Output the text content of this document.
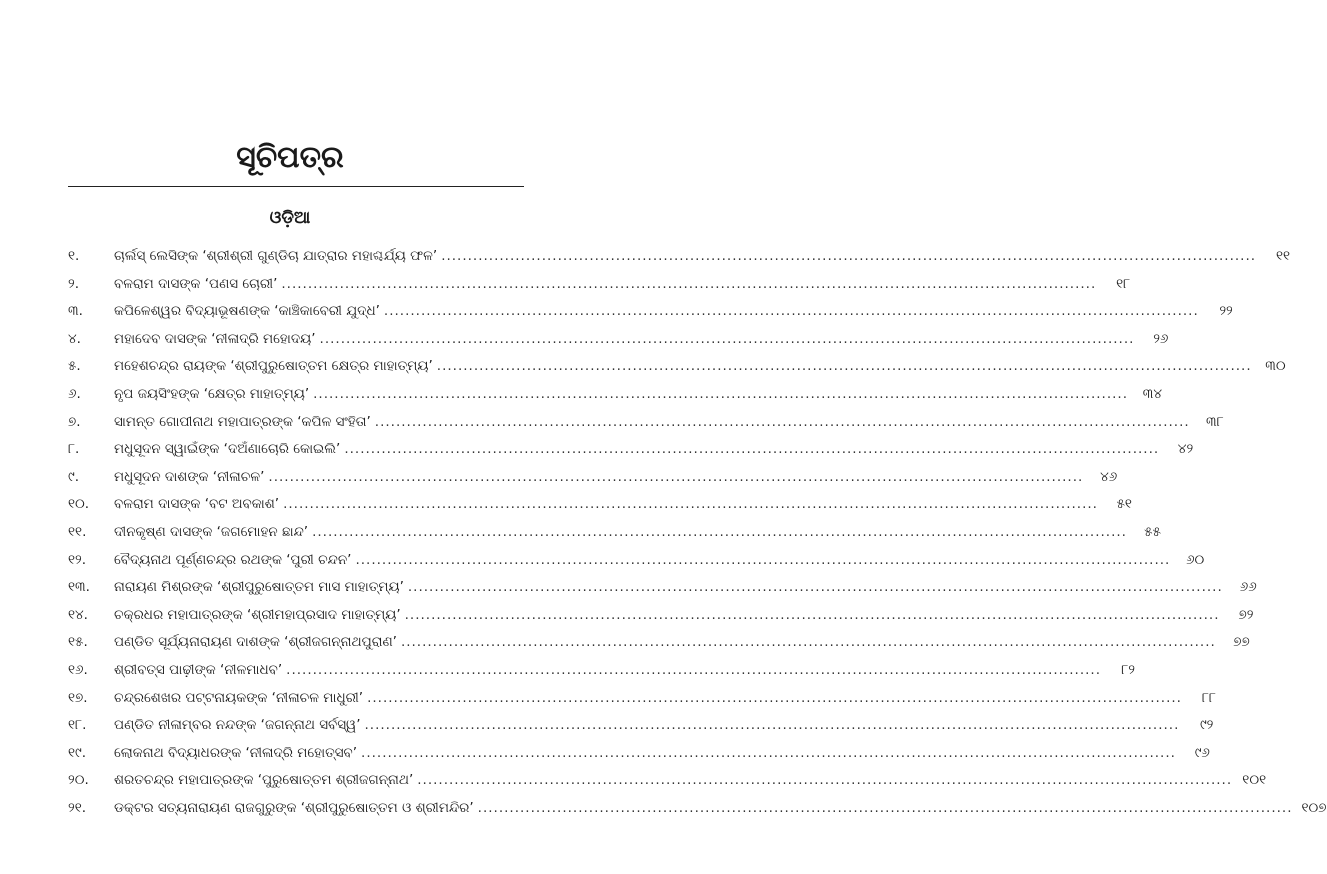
ସୂଚିପତ୍ର
ଓଡ଼ିଆ
୧.	ଚାର୍ଲସ୍ ଲେସିଙ୍କ ‘ଶ୍ରୀଶ୍ରୀ ଗୁଣ୍ଡିଚା ଯାତ୍ରାର ମହାଶ୍ଚର୍ଯ୍ୟ ଫଳ’ .....	୧୧
୨.	ବଳରାମ ଦାସଙ୍କ ‘ପଣସ ଚୋରୀ’ .....	୧୮
୩.	କପିଳେଶ୍ୱର ବିଦ୍ୟାଭୂଷଣଙ୍କ ‘କାଞ୍ଚିକାବେରୀ ଯୁଦ୍ଧ’ .....	୨୨
୪.	ମହାଦେବ ଦାସଙ୍କ ‘ନୀଳାଦ୍ରି ମହୋଦୟ’ .....	୨୬
୫.	ମହେଶଚନ୍ଦ୍ର ରାୟଙ୍କ ‘ଶ୍ରୀପୁରୁଷୋତ୍ତମ କ୍ଷେତ୍ର ମାହାତ୍ମ୍ୟ’ .....	୩୦
୬.	ନୃପ ଜୟସିଂହଙ୍କ ‘କ୍ଷେତ୍ର ମାହାତ୍ମ୍ୟ’ .....	୩୪
୭.	ସାମନ୍ତ ଗୋପୀନାଥ ମହାପାତ୍ରଙ୍କ ‘କପିଳ ସଂହିତା’ .....	୩୮
୮.	ମଧୁସୂଦନ ସ୍ୱାଇଁଙ୍କ ‘ଦଅଁଣାଚୋରି କୋଇଲି’ .....	୪୨
୯.	ମଧୁସୂଦନ ଦାଶଙ୍କ ‘ନୀଳାଚଳ’ .....	୪୬
୧୦.	ବଳରାମ ଦାସଙ୍କ ‘ବଟ ଅବକାଶ’ .....	୫୧
୧୧.	ଦୀନକୃଷ୍ଣ ଦାସଙ୍କ ‘ଜଗମୋହନ ଛାନ୍ଦ’ .....	୫୫
୧୨.	ବୈଦ୍ୟନାଥ ପୂର୍ଣ୍ଣଚନ୍ଦ୍ର ରଥଙ୍କ ‘ପୁରୀ ଚନ୍ଦନ’ .....	୬୦
୧୩.	ନାରାୟଣ ମିଶ୍ରଙ୍କ ‘ଶ୍ରୀପୁରୁଷୋତ୍ତମ ମାସ ମାହାତ୍ମ୍ୟ’ .....	୬୬
୧୪.	ଚକ୍ରଧର ମହାପାତ୍ରଙ୍କ ‘ଶ୍ରୀମହାପ୍ରସାଦ ମାହାତ୍ମ୍ୟ’ .....	୭୨
୧୫.	ପଣ୍ଡିତ ସୂର୍ଯ୍ୟନାରାୟଣ ଦାଶଙ୍କ ‘ଶ୍ରୀଜଗନ୍ନାଥପୁରାଣ’ .....	୭୭
୧୬.	ଶ୍ରୀବତ୍ସ ପାଢ଼ୀଙ୍କ ‘ନୀଳମାଧବ’ .....	୮୨
୧୭.	ଚନ୍ଦ୍ରଶେଖର ପଟ୍ଟନାୟକଙ୍କ ‘ନୀଳାଚଳ ମାଧୁରୀ’ .....	୮୮
୧୮.	ପଣ୍ଡିତ ନୀଳାମ୍ବର ନନ୍ଦଙ୍କ ‘ଜଗନ୍ନାଥ ସର୍ବସ୍ୱ’ .....	୯୨
୧୯.	ଲୋକନାଥ ବିଦ୍ୟାଧରଙ୍କ ‘ନୀଳାଦ୍ରି ମହୋତ୍ସବ’ .....	୯୬
୨୦.	ଶରତଚନ୍ଦ୍ର ମହାପାତ୍ରଙ୍କ ‘ପୁରୁଷୋତ୍ତମ ଶ୍ରୀଜଗନ୍ନାଥ’ .....	୧୦୧
୨୧.	ଡକ୍ଟର ସତ୍ୟନାରାୟଣ ରାଜଗୁରୁଙ୍କ ‘ଶ୍ରୀପୁରୁଷୋତ୍ତମ ଓ ଶ୍ରୀମନ୍ଦିର’ .....	୧୦୭
